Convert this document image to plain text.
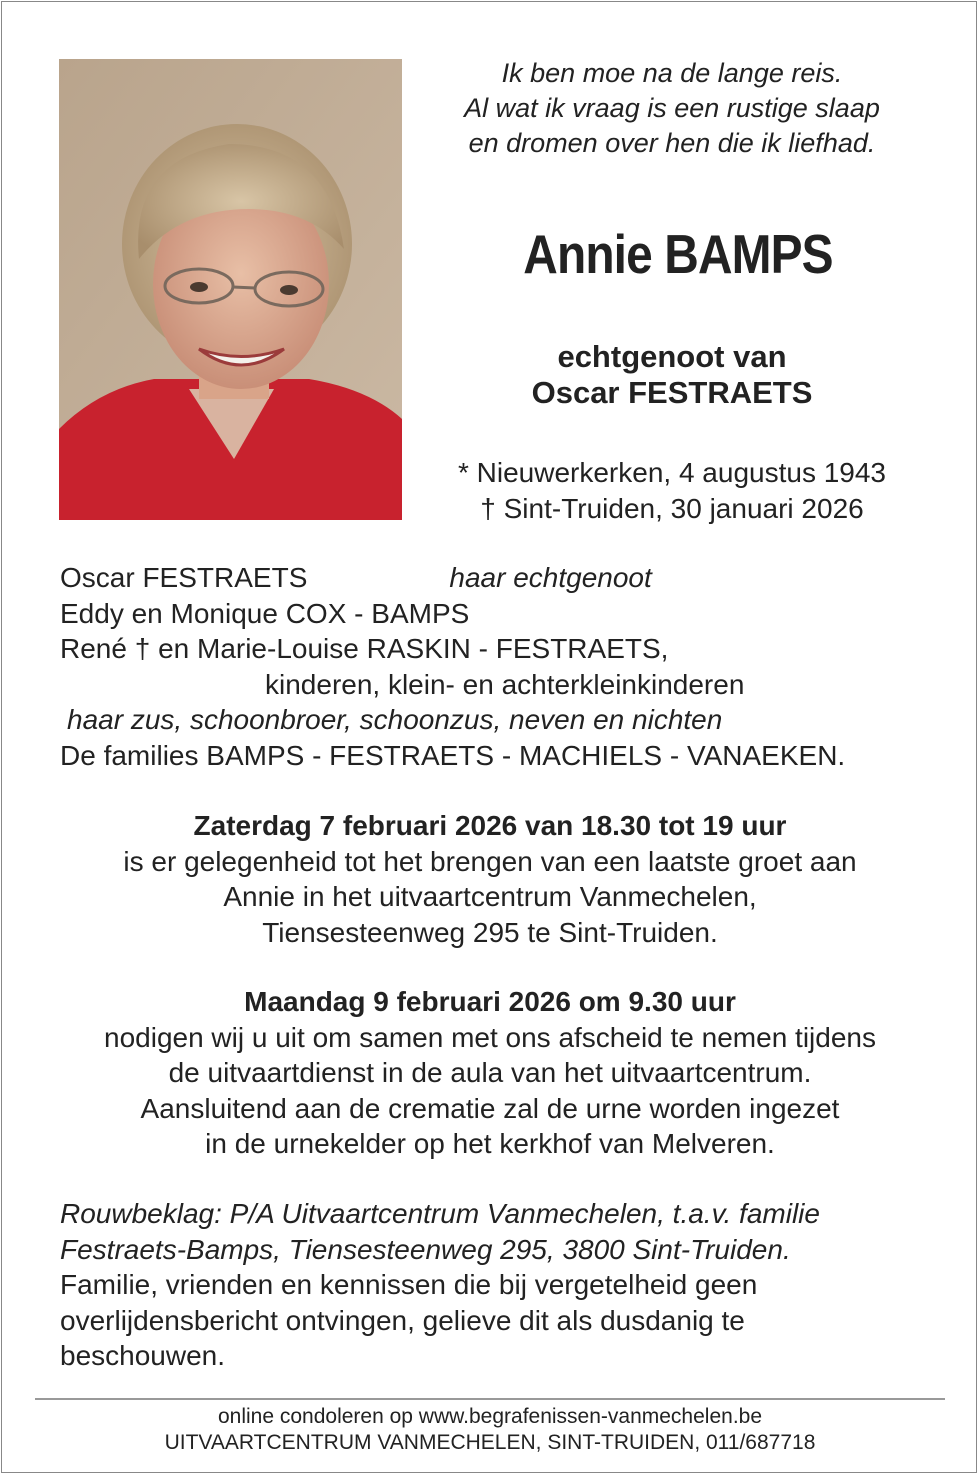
Ik ben moe na de lange reis.
Al wat ik vraag is een rustige slaap
en dromen over hen die ik liefhad.
Annie BAMPS
echtgenoot van
Oscar FESTRAETS
* Nieuwerkerken, 4 augustus 1943
† Sint-Truiden, 30 januari 2026
Oscar FESTRAETS	haar echtgenoot
Eddy en Monique COX - BAMPS
René † en Marie-Louise RASKIN - FESTRAETS,
kinderen, klein- en achterkleinkinderen
haar zus, schoonbroer, schoonzus, neven en nichten
De families BAMPS - FESTRAETS - MACHIELS - VANAEKEN.
Zaterdag 7 februari 2026 van 18.30 tot 19 uur
is er gelegenheid tot het brengen van een laatste groet aan
Annie in het uitvaartcentrum Vanmechelen,
Tiensesteenweg 295 te Sint-Truiden.
Maandag 9 februari 2026 om 9.30 uur
nodigen wij u uit om samen met ons afscheid te nemen tijdens
de uitvaartdienst in de aula van het uitvaartcentrum.
Aansluitend aan de crematie zal de urne worden ingezet
in de urnekelder op het kerkhof van Melveren.
Rouwbeklag: P/A Uitvaartcentrum Vanmechelen, t.a.v. familie
Festraets-Bamps, Tiensesteenweg 295, 3800 Sint-Truiden.
Familie, vrienden en kennissen die bij vergetelheid geen
overlijdensbericht ontvingen, gelieve dit als dusdanig te
beschouwen.
online condoleren op www.begrafenissen-vanmechelen.be
UITVAARTCENTRUM VANMECHELEN, SINT-TRUIDEN, 011/687718
